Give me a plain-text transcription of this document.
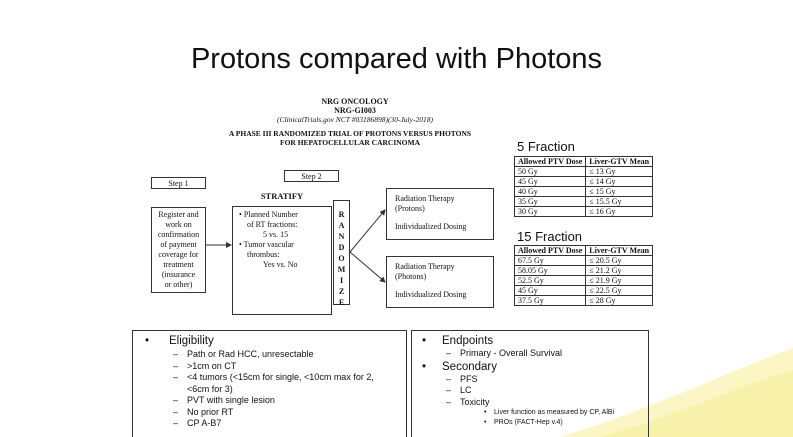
Protons compared with Photons
NRG ONCOLOGY
NRG-GI003
(ClinicalTrials.gov NCT #03186898)(30-July-2018)
A PHASE III RANDOMIZED TRIAL OF PROTONS VERSUS PHOTONS
FOR HEPATOCELLULAR CARCINOMA
Step 1
Step 2
STRATIFY
Register and
work on
confirmation
of payment
coverage for
treatment
(insurance
or other)
• Planned Number
of RT fractions:
5 vs. 15
• Tumor vascular
thrombus:
Yes vs. No
R
A
N
D
O
M
I
Z
E
Radiation Therapy
(Protons)
Individualized Dosing
Radiation Therapy
(Photons)
Individualized Dosing
5 Fraction
Allowed PTV Dose	Liver-GTV Mean
50 Gy	≤ 13 Gy
45 Gy	≤ 14 Gy
40 Gy	≤ 15 Gy
35 Gy	≤ 15.5 Gy
30 Gy	≤ 16 Gy
15 Fraction
Allowed PTV Dose	Liver-GTV Mean
67.5 Gy	≤ 20.5 Gy
58.05 Gy	≤ 21.2 Gy
52.5 Gy	≤ 21.9 Gy
45 Gy	≤ 22.5 Gy
37.5 Gy	≤ 28 Gy
• Eligibility
– Path or Rad HCC, unresectable
– >1cm on CT
– <4 tumors (<15cm for single, <10cm max for 2,
<6cm for 3)
– PVT with single lesion
– No prior RT
– CP A-B7
• Endpoints
– Primary - Overall Survival
• Secondary
– PFS
– LC
– Toxicity
• Liver function as measured by CP, AlBi
• PROs (FACT-Hep v.4)
